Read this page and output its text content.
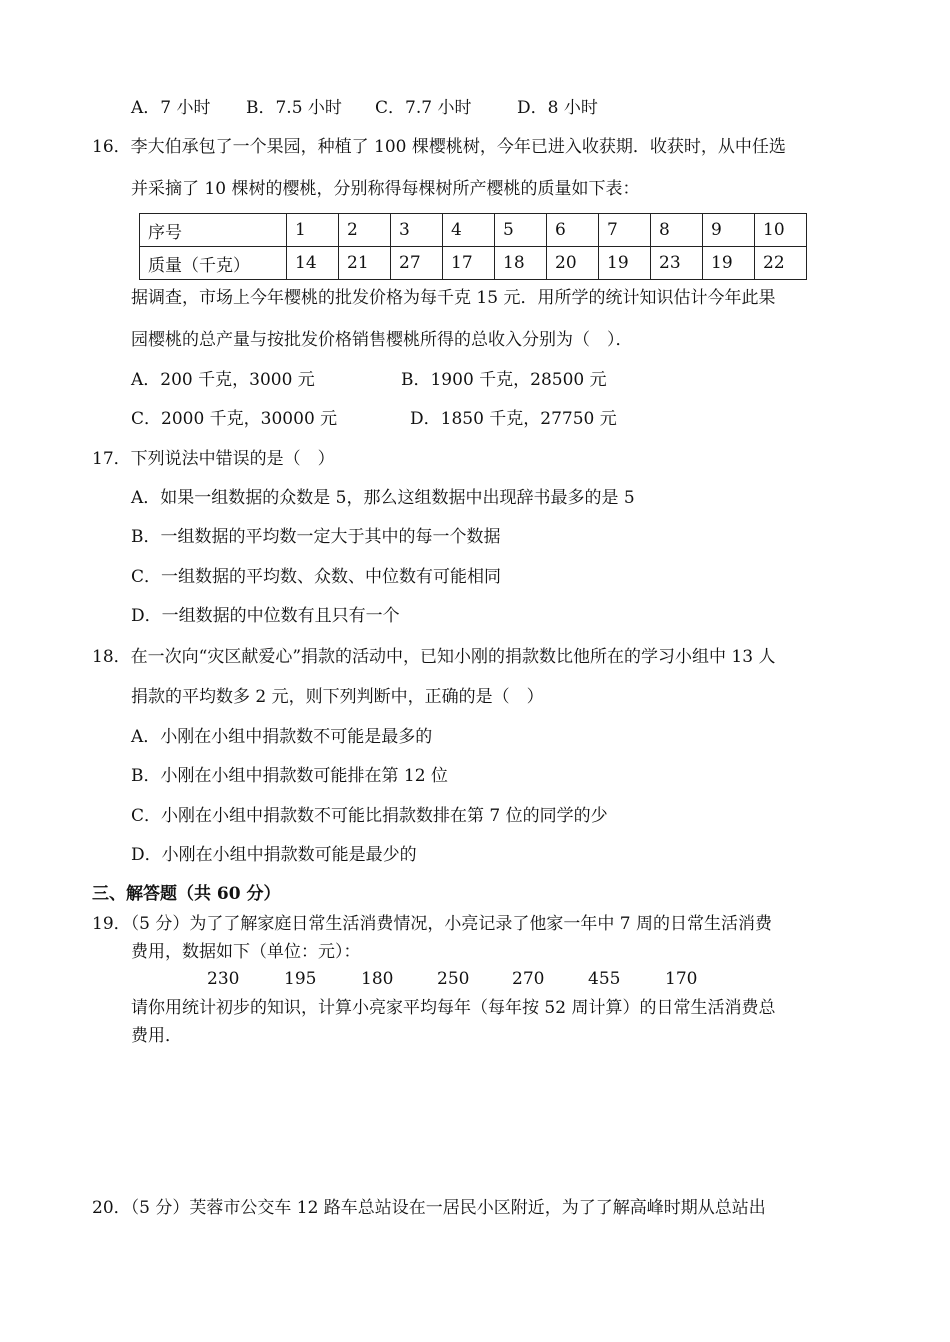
A．7 小时 B．7.5 小时 C．7.7 小时	D．8 小时
16．李大伯承包了一个果园，种植了 100 棵樱桃树，今年已进入收获期．收获时，从中任选
并采摘了 10 棵树的樱桃，分别称得每棵树所产樱桃的质量如下表：
序号	1	2	3	4	5	6	7	8	9	10
质量（千克）	14	21	27	17	18	20	19	23	19	22
据调查，市场上今年樱桃的批发价格为每千克 15 元．用所学的统计知识估计今年此果
园樱桃的总产量与按批发价格销售樱桃所得的总收入分别为（　）．
A．200 千克，3000 元	B．1900 千克，28500 元
C．2000 千克，30000 元	D．1850 千克，27750 元
17．下列说法中错误的是（　）
A．如果一组数据的众数是 5，那么这组数据中出现辞书最多的是 5
B．一组数据的平均数一定大于其中的每一个数据
C．一组数据的平均数、众数、中位数有可能相同
D．一组数据的中位数有且只有一个
18．在一次向“灾区献爱心”捐款的活动中，已知小刚的捐款数比他所在的学习小组中 13 人
捐款的平均数多 2 元，则下列判断中，正确的是（　）
A．小刚在小组中捐款数不可能是最多的
B．小刚在小组中捐款数可能排在第 12 位
C．小刚在小组中捐款数不可能比捐款数排在第 7 位的同学的少
D．小刚在小组中捐款数可能是最少的
三、解答题（共 60 分）
19．（5 分）为了了解家庭日常生活消费情况，小亮记录了他家一年中 7 周的日常生活消费
费用，数据如下（单位：元）：
230	195	180	250	270	455	170
请你用统计初步的知识，计算小亮家平均每年（每年按 52 周计算）的日常生活消费总
费用．
20．（5 分）芙蓉市公交车 12 路车总站设在一居民小区附近，为了了解高峰时期从总站出
